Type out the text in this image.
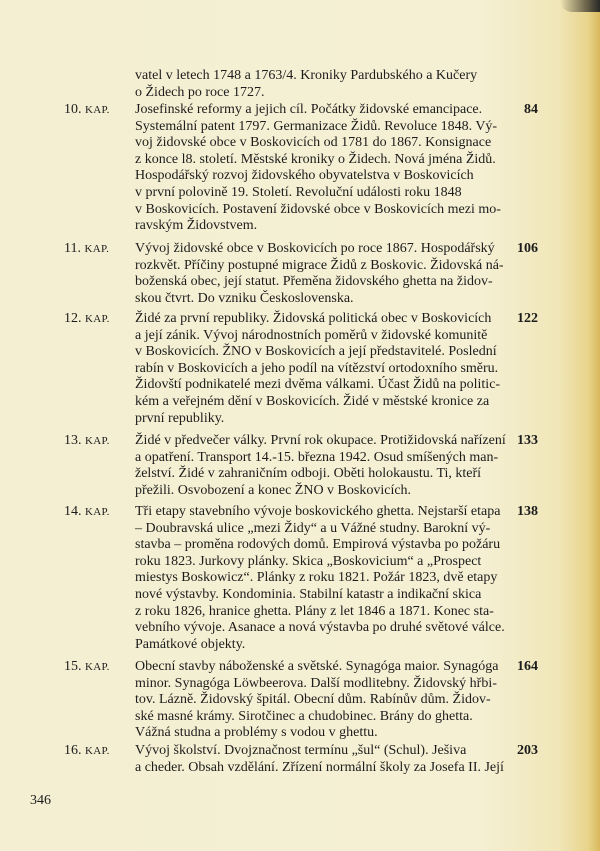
vatel v letech 1748 a 1763/4. Kroniky Pardubského a Kučery
o Židech po roce 1727.
10. KAP. Josefinské reformy a jejich cíl. Počátky židovské emancipace.
Systemální patent 1797. Germanizace Židů. Revoluce 1848. Vý-
voj židovské obce v Boskovicích od 1781 do 1867. Konsignace
z konce l8. století. Městské kroniky o Židech. Nová jména Židů.
Hospodářský rozvoj židovského obyvatelstva v Boskovicích
v první polovině 19. Století. Revoluční události roku 1848
v Boskovicích. Postavení židovské obce v Boskovicích mezi mo-
ravským Židovstvem.
84
11. KAP. Vývoj židovské obce v Boskovicích po roce 1867. Hospodářský
rozkvět. Příčiny postupné migrace Židů z Boskovic. Židovská ná-
boženská obec, její statut. Přeměna židovského ghetta na židov-
skou čtvrt. Do vzniku Československa.
106
12. KAP. Židé za první republiky. Židovská politická obec v Boskovicích
a její zánik. Vývoj národnostních poměrů v židovské komunitě
v Boskovicích. ŽNO v Boskovicích a její představitelé. Poslední
rabín v Boskovicích a jeho podíl na vítězství ortodoxního směru.
Židovští podnikatelé mezi dvěma válkami. Účast Židů na politic-
kém a veřejném dění v Boskovicích. Židé v městské kronice za
první republiky.
122
13. KAP. Židé v předvečer války. První rok okupace. Protižidovská nařízení
a opatření. Transport 14.-15. března 1942. Osud smíšených man-
želství. Židé v zahraničním odboji. Oběti holokaustu. Ti, kteří
přežili. Osvobození a konec ŽNO v Boskovicích.
133
14. KAP. Tři etapy stavebního vývoje boskovického ghetta. Nejstarší etapa
– Doubravská ulice „mezi Židy“ a u Vážné studny. Barokní vý-
stavba – proměna rodových domů. Empirová výstavba po požáru
roku 1823. Jurkovy plánky. Skica „Boskovicium“ a „Prospect
miestys Boskowicz“. Plánky z roku 1821. Požár 1823, dvě etapy
nové výstavby. Kondominia. Stabilní katastr a indikační skica
z roku 1826, hranice ghetta. Plány z let 1846 a 1871. Konec sta-
vebního vývoje. Asanace a nová výstavba po druhé světové válce.
Památkové objekty.
138
15. KAP. Obecní stavby náboženské a světské. Synagóga maior. Synagóga
minor. Synagóga Löwbeerova. Další modlitebny. Židovský hřbi-
tov. Lázně. Židovský špitál. Obecní dům. Rabínův dům. Židov-
ské masné krámy. Sirotčinec a chudobinec. Brány do ghetta.
Vážná studna a problémy s vodou v ghettu.
164
16. KAP. Vývoj školství. Dvojznačnost termínu „šul“ (Schul). Ješiva
a cheder. Obsah vzdělání. Zřízení normální školy za Josefa II. Její
203
346
